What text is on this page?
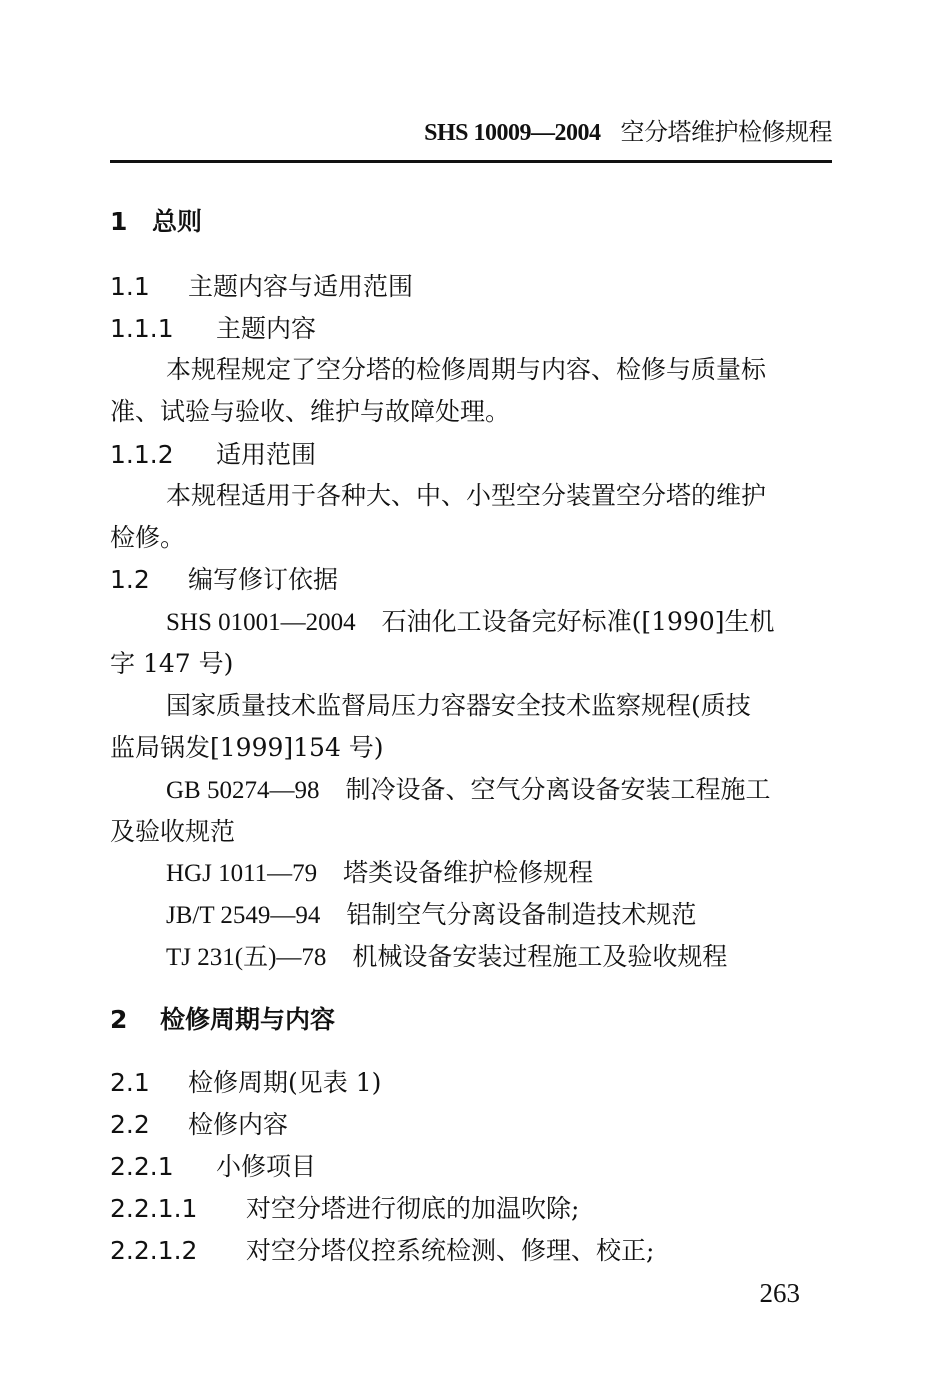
SHS 10009—2004 空分塔维护检修规程
1 总则
1.1 主题内容与适用范围
1.1.1 主题内容
本规程规定了空分塔的检修周期与内容、检修与质量标
准、试验与验收、维护与故障处理。
1.1.2 适用范围
本规程适用于各种大、中、小型空分装置空分塔的维护
检修。
1.2 编写修订依据
SHS 01001—2004 石油化工设备完好标准([1990]生机
字 147 号)
国家质量技术监督局压力容器安全技术监察规程(质技
监局锅发[1999]154 号)
GB 50274—98 制冷设备、空气分离设备安装工程施工
及验收规范
HGJ 1011—79 塔类设备维护检修规程
JB/T 2549—94 铝制空气分离设备制造技术规范
TJ 231(五)—78 机械设备安装过程施工及验收规程
2 检修周期与内容
2.1 检修周期(见表 1)
2.2 检修内容
2.2.1 小修项目
2.2.1.1 对空分塔进行彻底的加温吹除;
2.2.1.2 对空分塔仪控系统检测、修理、校正;
263
